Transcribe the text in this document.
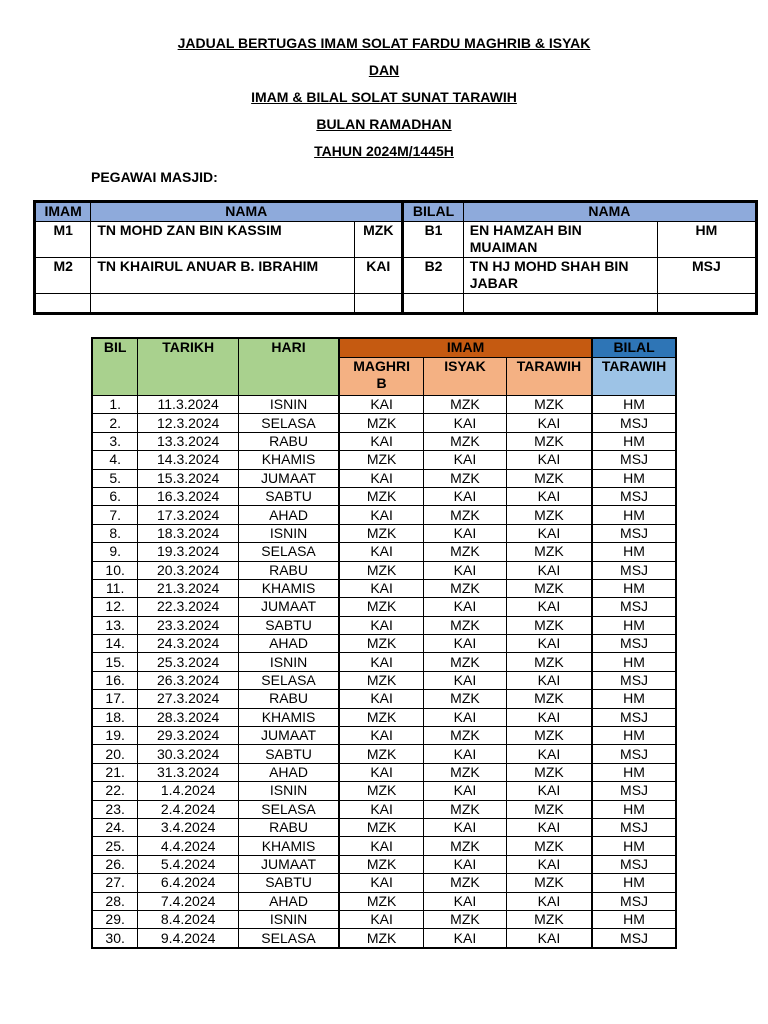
JADUAL BERTUGAS IMAM SOLAT FARDU MAGHRIB & ISYAK
DAN
IMAM & BILAL SOLAT SUNAT TARAWIH
BULAN RAMADHAN
TAHUN 2024M/1445H
PEGAWAI MASJID:
IMAM	NAMA		BILAL	NAMA	
M1	TN MOHD ZAN BIN KASSIM	MZK	B1	EN HAMZAH BIN MUAIMAN	HM
M2	TN KHAIRUL ANUAR B. IBRAHIM	KAI	B2	TN HJ MOHD SHAH BIN JABAR	MSJ

BIL	TARIKH	HARI	IMAM			BILAL
			MAGHRIB	ISYAK	TARAWIH	TARAWIH
1.	11.3.2024	ISNIN	KAI	MZK	MZK	HM
2.	12.3.2024	SELASA	MZK	KAI	KAI	MSJ
3.	13.3.2024	RABU	KAI	MZK	MZK	HM
4.	14.3.2024	KHAMIS	MZK	KAI	KAI	MSJ
5.	15.3.2024	JUMAAT	KAI	MZK	MZK	HM
6.	16.3.2024	SABTU	MZK	KAI	KAI	MSJ
7.	17.3.2024	AHAD	KAI	MZK	MZK	HM
8.	18.3.2024	ISNIN	MZK	KAI	KAI	MSJ
9.	19.3.2024	SELASA	KAI	MZK	MZK	HM
10.	20.3.2024	RABU	MZK	KAI	KAI	MSJ
11.	21.3.2024	KHAMIS	KAI	MZK	MZK	HM
12.	22.3.2024	JUMAAT	MZK	KAI	KAI	MSJ
13.	23.3.2024	SABTU	KAI	MZK	MZK	HM
14.	24.3.2024	AHAD	MZK	KAI	KAI	MSJ
15.	25.3.2024	ISNIN	KAI	MZK	MZK	HM
16.	26.3.2024	SELASA	MZK	KAI	KAI	MSJ
17.	27.3.2024	RABU	KAI	MZK	MZK	HM
18.	28.3.2024	KHAMIS	MZK	KAI	KAI	MSJ
19.	29.3.2024	JUMAAT	KAI	MZK	MZK	HM
20.	30.3.2024	SABTU	MZK	KAI	KAI	MSJ
21.	31.3.2024	AHAD	KAI	MZK	MZK	HM
22.	1.4.2024	ISNIN	MZK	KAI	KAI	MSJ
23.	2.4.2024	SELASA	KAI	MZK	MZK	HM
24.	3.4.2024	RABU	MZK	KAI	KAI	MSJ
25.	4.4.2024	KHAMIS	KAI	MZK	MZK	HM
26.	5.4.2024	JUMAAT	MZK	KAI	KAI	MSJ
27.	6.4.2024	SABTU	KAI	MZK	MZK	HM
28.	7.4.2024	AHAD	MZK	KAI	KAI	MSJ
29.	8.4.2024	ISNIN	KAI	MZK	MZK	HM
30.	9.4.2024	SELASA	MZK	KAI	KAI	MSJ
